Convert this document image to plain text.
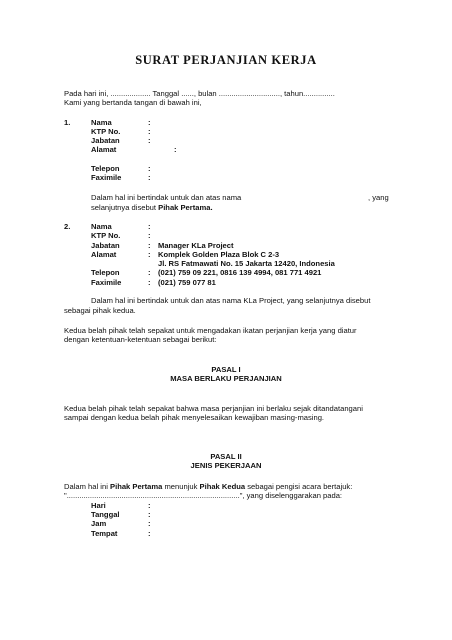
SURAT PERJANJIAN KERJA
Pada hari ini, ................... Tanggal ......, bulan ............................., tahun...............
Kami yang bertanda tangan di bawah ini,
1.	Nama	:
KTP No.	:
Jabatan	:
Alamat	:
Telepon	:
Faximile	:
Dalam hal ini bertindak untuk dan atas nama	, yang
selanjutnya disebut Pihak Pertama.
2.	Nama	:
KTP No.	:
Jabatan	: Manager KLa Project
Alamat	: Komplek Golden Plaza Blok C 2-3
Jl. RS Fatmawati No. 15 Jakarta 12420, Indonesia
Telepon	: (021) 759 09 221, 0816 139 4994, 081 771 4921
Faximile	: (021) 759 077 81
Dalam hal ini bertindak untuk dan atas nama KLa Project, yang selanjutnya disebut
sebagai pihak kedua.
Kedua belah pihak telah sepakat untuk mengadakan ikatan perjanjian kerja yang diatur
dengan ketentuan-ketentuan sebagai berikut:
PASAL I
MASA BERLAKU PERJANJIAN
Kedua belah pihak telah sepakat bahwa masa perjanjian ini berlaku sejak ditandatangani
sampai dengan kedua belah pihak menyelesaikan kewajiban masing-masing.
PASAL II
JENIS PEKERJAAN
Dalam hal ini Pihak Pertama menunjuk Pihak Kedua sebagai pengisi acara bertajuk:
"..................................................................................", yang diselenggarakan pada:
Hari	:
Tanggal	:
Jam	:
Tempat	:
